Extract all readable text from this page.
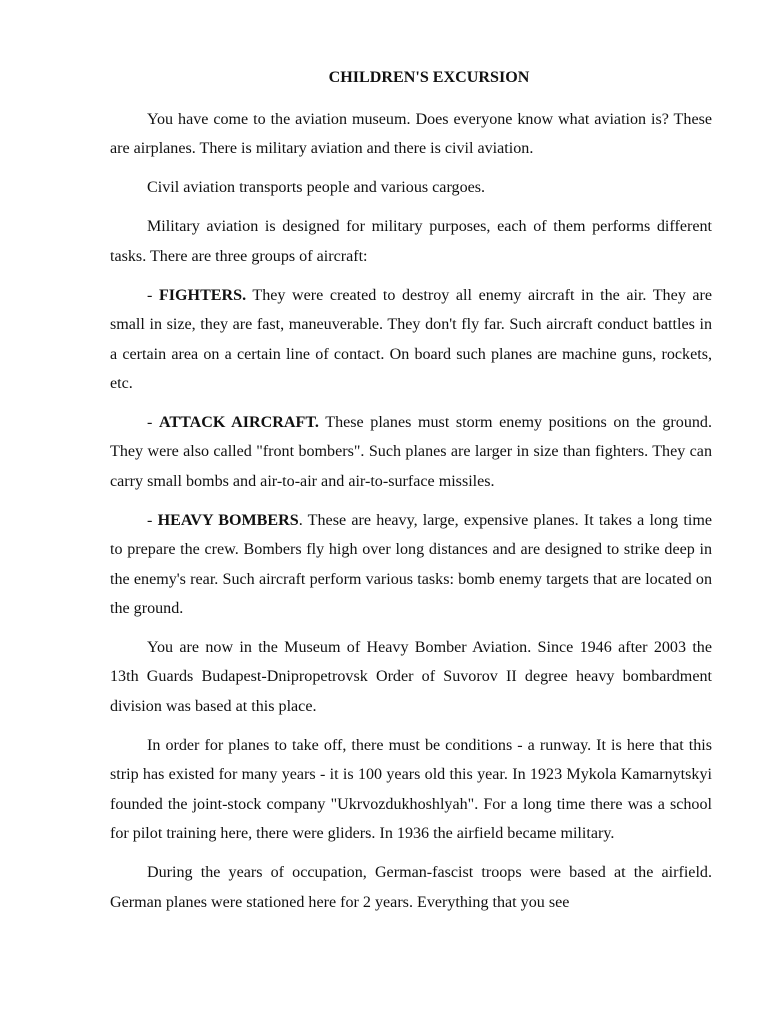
CHILDREN'S EXCURSION

You have come to the aviation museum. Does everyone know what aviation is? These are airplanes. There is military aviation and there is civil aviation.

Civil aviation transports people and various cargoes.

Military aviation is designed for military purposes, each of them performs different tasks. There are three groups of aircraft:

- FIGHTERS. They were created to destroy all enemy aircraft in the air. They are small in size, they are fast, maneuverable. They don't fly far. Such aircraft conduct battles in a certain area on a certain line of contact. On board such planes are machine guns, rockets, etc.

- ATTACK AIRCRAFT. These planes must storm enemy positions on the ground. They were also called "front bombers". Such planes are larger in size than fighters. They can carry small bombs and air-to-air and air-to-surface missiles.

- HEAVY BOMBERS. These are heavy, large, expensive planes. It takes a long time to prepare the crew. Bombers fly high over long distances and are designed to strike deep in the enemy's rear. Such aircraft perform various tasks: bomb enemy targets that are located on the ground.

You are now in the Museum of Heavy Bomber Aviation. Since 1946 after 2003 the 13th Guards Budapest-Dnipropetrovsk Order of Suvorov II degree heavy bombardment division was based at this place.

In order for planes to take off, there must be conditions - a runway. It is here that this strip has existed for many years - it is 100 years old this year. In 1923 Mykola Kamarnytskyi founded the joint-stock company "Ukrvozdukhoshlyah". For a long time there was a school for pilot training here, there were gliders. In 1936 the airfield became military.

During the years of occupation, German-fascist troops were based at the airfield. German planes were stationed here for 2 years. Everything that you see
